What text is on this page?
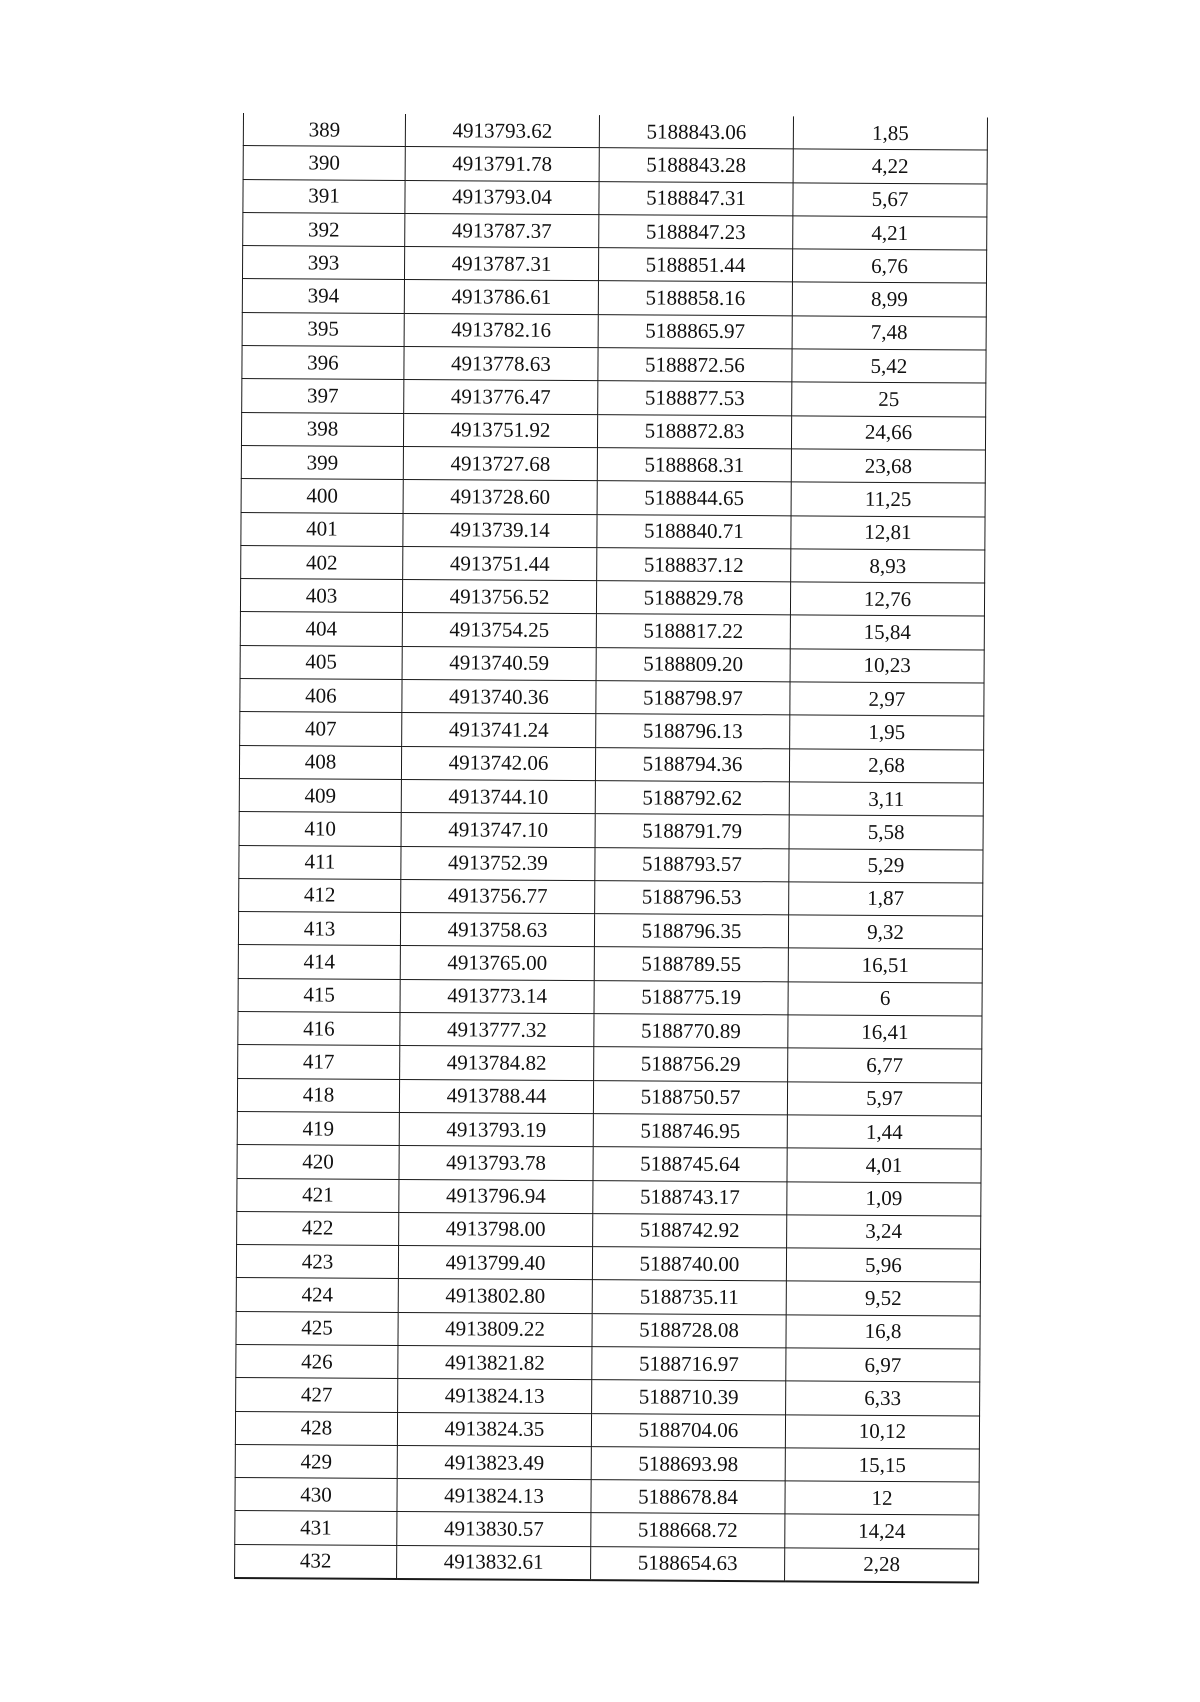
389	4913793.62	5188843.06	1,85
390	4913791.78	5188843.28	4,22
391	4913793.04	5188847.31	5,67
392	4913787.37	5188847.23	4,21
393	4913787.31	5188851.44	6,76
394	4913786.61	5188858.16	8,99
395	4913782.16	5188865.97	7,48
396	4913778.63	5188872.56	5,42
397	4913776.47	5188877.53	25
398	4913751.92	5188872.83	24,66
399	4913727.68	5188868.31	23,68
400	4913728.60	5188844.65	11,25
401	4913739.14	5188840.71	12,81
402	4913751.44	5188837.12	8,93
403	4913756.52	5188829.78	12,76
404	4913754.25	5188817.22	15,84
405	4913740.59	5188809.20	10,23
406	4913740.36	5188798.97	2,97
407	4913741.24	5188796.13	1,95
408	4913742.06	5188794.36	2,68
409	4913744.10	5188792.62	3,11
410	4913747.10	5188791.79	5,58
411	4913752.39	5188793.57	5,29
412	4913756.77	5188796.53	1,87
413	4913758.63	5188796.35	9,32
414	4913765.00	5188789.55	16,51
415	4913773.14	5188775.19	6
416	4913777.32	5188770.89	16,41
417	4913784.82	5188756.29	6,77
418	4913788.44	5188750.57	5,97
419	4913793.19	5188746.95	1,44
420	4913793.78	5188745.64	4,01
421	4913796.94	5188743.17	1,09
422	4913798.00	5188742.92	3,24
423	4913799.40	5188740.00	5,96
424	4913802.80	5188735.11	9,52
425	4913809.22	5188728.08	16,8
426	4913821.82	5188716.97	6,97
427	4913824.13	5188710.39	6,33
428	4913824.35	5188704.06	10,12
429	4913823.49	5188693.98	15,15
430	4913824.13	5188678.84	12
431	4913830.57	5188668.72	14,24
432	4913832.61	5188654.63	2,28
